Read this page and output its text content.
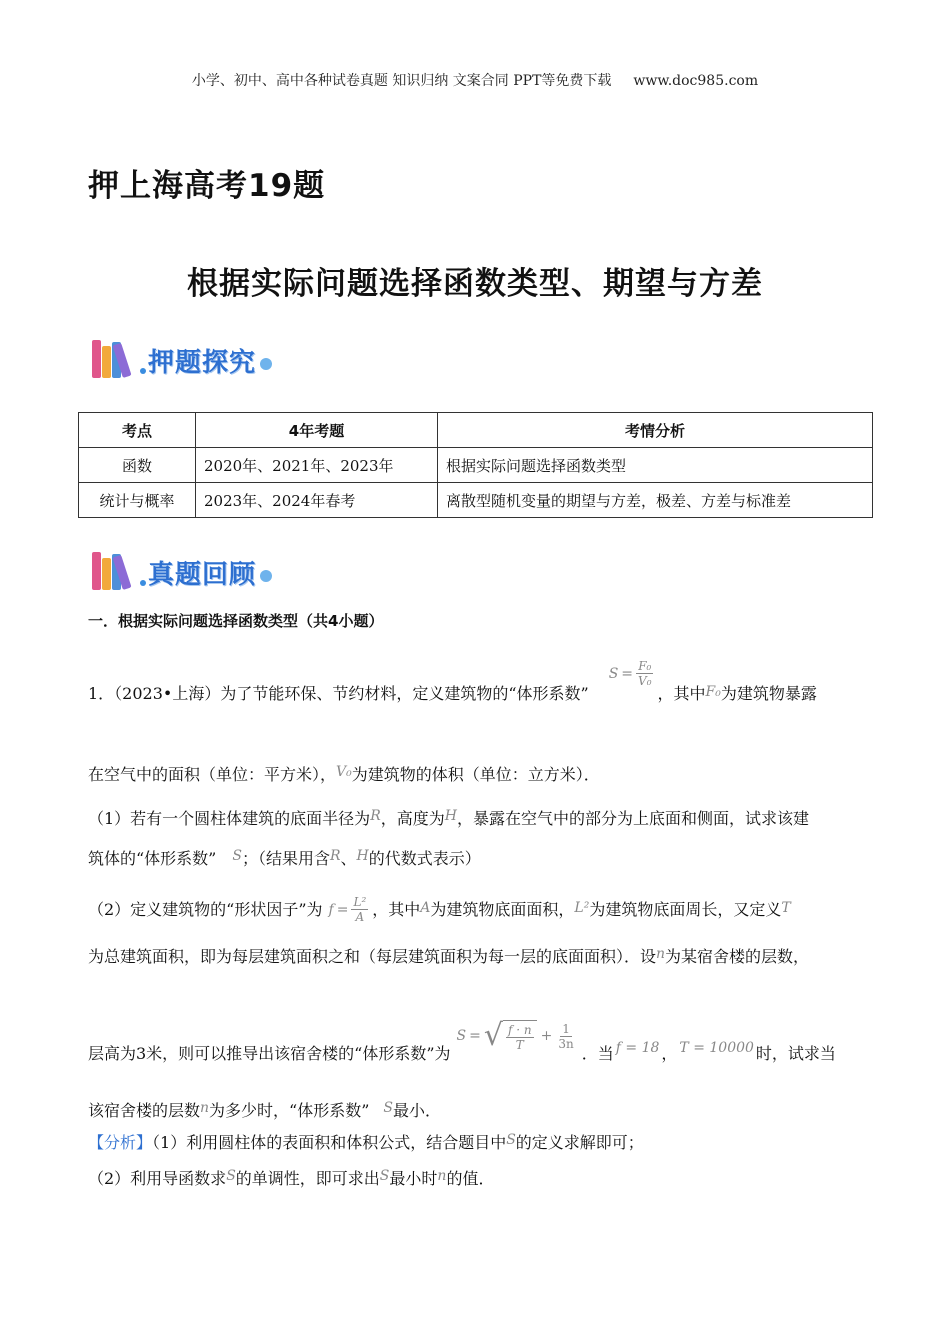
小学、初中、高中各种试卷真题 知识归纳 文案合同 PPT等免费下载 www.doc985.com
押上海高考19题
根据实际问题选择函数类型、期望与方差
押题探究
考点	4年考题	考情分析
函数	2020年、2021年、2023年	根据实际问题选择函数类型
统计与概率	2023年、2024年春考	离散型随机变量的期望与方差，极差、方差与标准差
真题回顾
一．根据实际问题选择函数类型（共4小题）
1．（2023•上海）为了节能环保、节约材料，定义建筑物的“体形系数”
$S = \frac{\text{F₀}}{\text{V₀}}$
，其中 F₀ 为建筑物暴露
在空气中的面积（单位：平方米），V₀为建筑物的体积（单位：立方米）．
（1）若有一个圆柱体建筑的底面半径为R，高度为H，暴露在空气中的部分为上底面和侧面，试求该建
筑体的“体形系数” S；（结果用含R、H的代数式表示）
（2）定义建筑物的“形状因子”为 $f = \frac{\text{L²}}{A}$ ，其中 A 为建筑物底面面积， L² 为建筑物底面周长，又定义 T
为总建筑面积，即为每层建筑面积之和（每层建筑面积为每一层的底面面积）．设n为某宿舍楼的层数，
层高为3米，则可以推导出该宿舍楼的“体形系数”为
S = √ $\frac{f \cdot n}{T} + \frac{1}{3n}$
．当 f = 18 ， T = 10000 时，试求当
该宿舍楼的层数n为多少时，“体形系数” S最小．
【分析】（1）利用圆柱体的表面积和体积公式，结合题目中S的定义求解即可；
（2）利用导函数求S的单调性，即可求出S最小时n的值．
